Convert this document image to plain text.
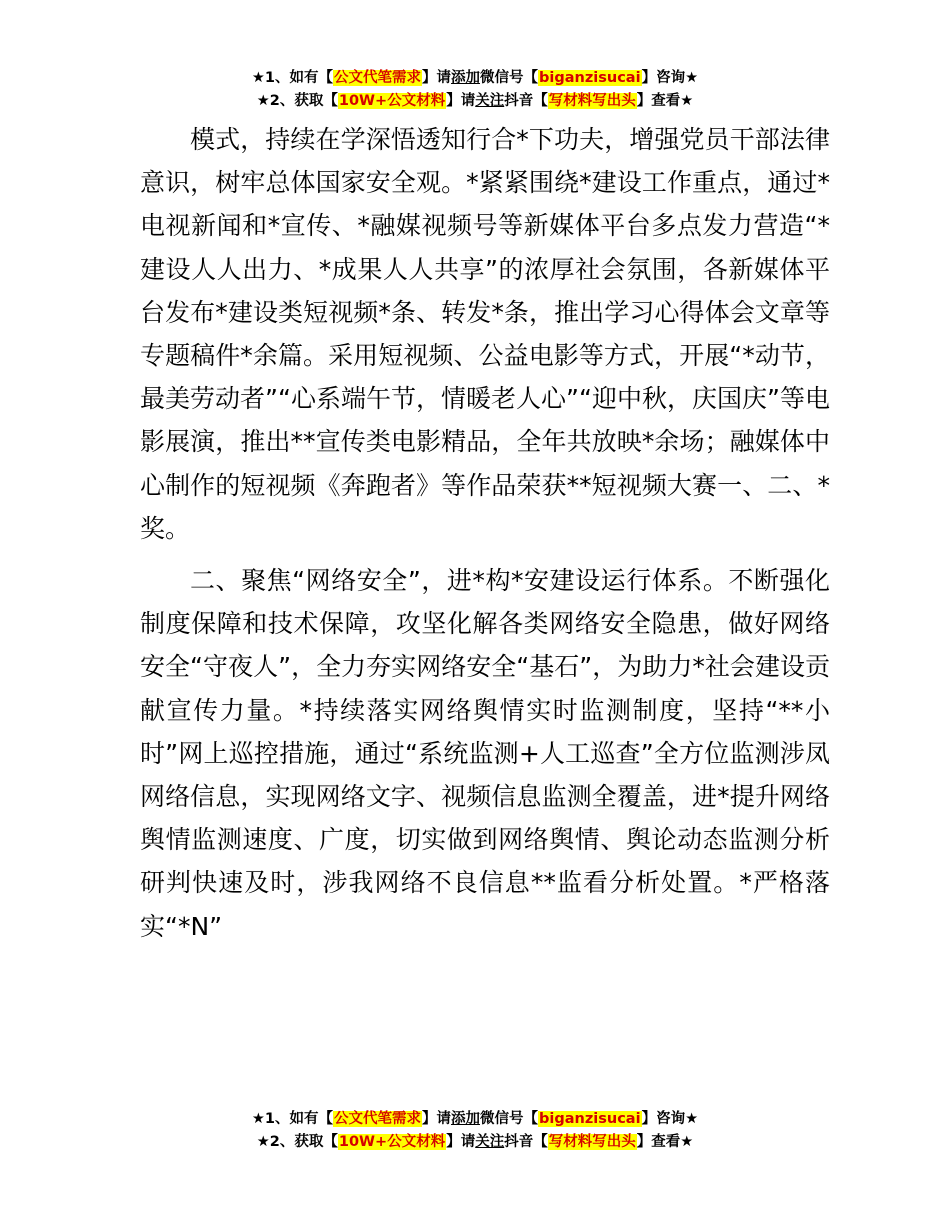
★1、如有【公文代笔需求】请添加微信号【biganzisucai】咨询★
★2、获取【10W+公文材料】请关注抖音【写材料写出头】查看★

模式，持续在学深悟透知行合*下功夫，增强党员干部法律意识，树牢总体国家安全观。*紧紧围绕*建设工作重点，通过*电视新闻和*宣传、*融媒视频号等新媒体平台多点发力营造“*建设人人出力、*成果人人共享”的浓厚社会氛围，各新媒体平台发布*建设类短视频*条、转发*条，推出学习心得体会文章等专题稿件*余篇。采用短视频、公益电影等方式，开展“*动节，最美劳动者”“心系端午节，情暖老人心”“迎中秋，庆国庆”等电影展演，推出**宣传类电影精品，全年共放映*余场；融媒体中心制作的短视频《奔跑者》等作品荣获**短视频大赛一、二、*奖。

二、聚焦“网络安全”，进*构*安建设运行体系。不断强化制度保障和技术保障，攻坚化解各类网络安全隐患，做好网络安全“守夜人”，全力夯实网络安全“基石”，为助力*社会建设贡献宣传力量。*持续落实网络舆情实时监测制度，坚持“**小时”网上巡控措施，通过“系统监测+人工巡查”全方位监测涉凤网络信息，实现网络文字、视频信息监测全覆盖，进*提升网络舆情监测速度、广度，切实做到网络舆情、舆论动态监测分析研判快速及时，涉我网络不良信息**监看分析处置。*严格落实“*N”

★1、如有【公文代笔需求】请添加微信号【biganzisucai】咨询★
★2、获取【10W+公文材料】请关注抖音【写材料写出头】查看★
